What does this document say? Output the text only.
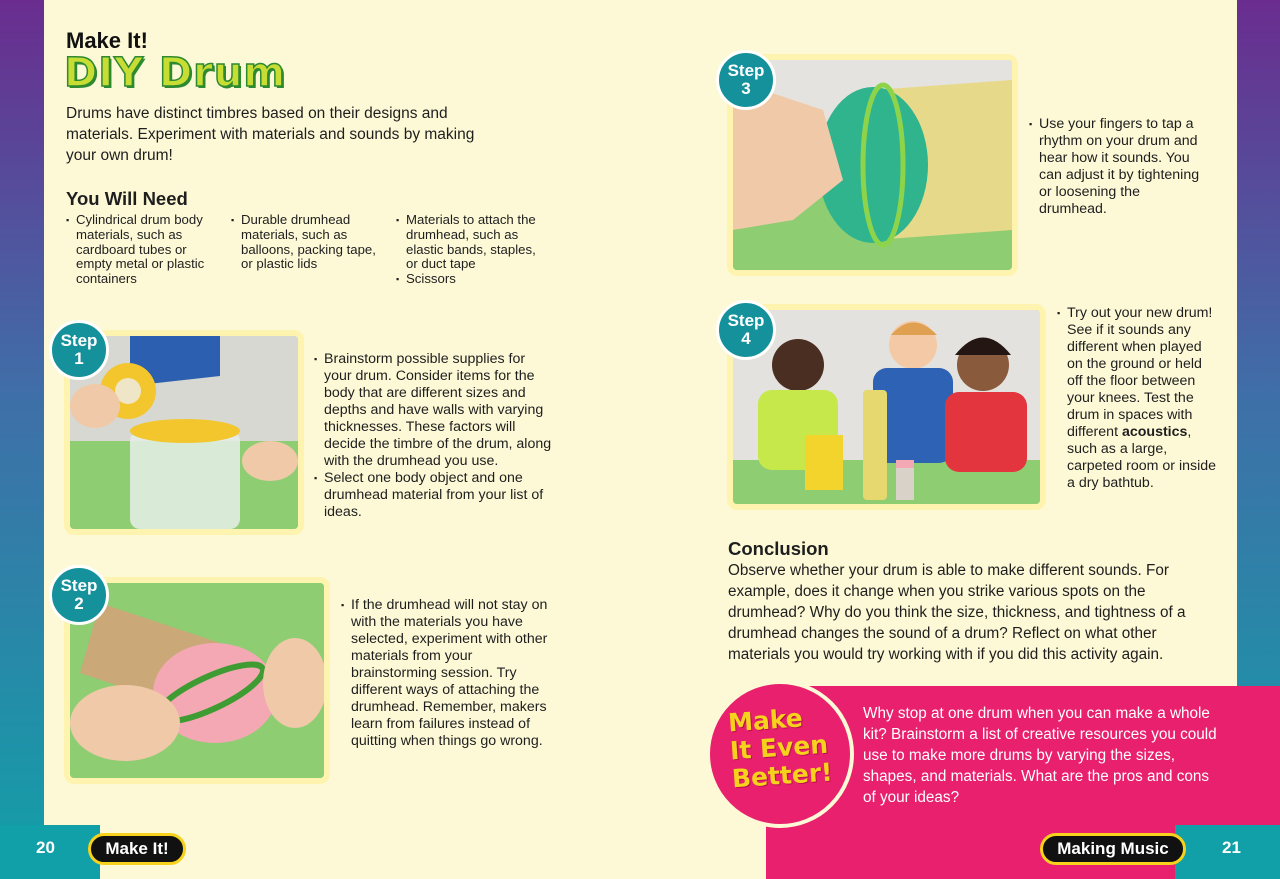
Make It!
DIY Drum

Drums have distinct timbres based on their designs and materials. Experiment with materials and sounds by making your own drum!

You Will Need
▪ Cylindrical drum body materials, such as cardboard tubes or empty metal or plastic containers
▪ Durable drumhead materials, such as balloons, packing tape, or plastic lids
▪ Materials to attach the drumhead, such as elastic bands, staples, or duct tape
▪ Scissors
Step
1	▪ Brainstorm possible supplies for your drum. Consider items for the body that are different sizes and depths and have walls with varying thicknesses. These factors will decide the timbre of the drum, along with the drumhead you use.
▪ Select one body object and one drumhead material from your list of ideas.
Step
2	▪ If the drumhead will not stay on with the materials you have selected, experiment with other materials from your brainstorming session. Try different ways of attaching the drumhead. Remember, makers learn from failures instead of quitting when things go wrong.
Step
3
▪ Use your fingers to tap a rhythm on your drum and hear how it sounds. You can adjust it by tightening or loosening the drumhead.
Step
4
▪ Try out your new drum! See if it sounds any different when played on the ground or held off the floor between your knees. Test the drum in spaces with different acoustics, such as a large, carpeted room or inside a dry bathtub.
Conclusion

Observe whether your drum is able to make different sounds. For example, does it change when you strike various spots on the drumhead? Why do you think the size, thickness, and tightness of a drumhead changes the sound of a drum? Reflect on what other materials you would try working with if you did this activity again.

Make
It Even
Better!

Why stop at one drum when you can make a whole kit? Brainstorm a list of creative resources you could use to make more drums by varying the sizes, shapes, and materials. What are the pros and cons of your ideas?

20	Make It!	Making Music	21
